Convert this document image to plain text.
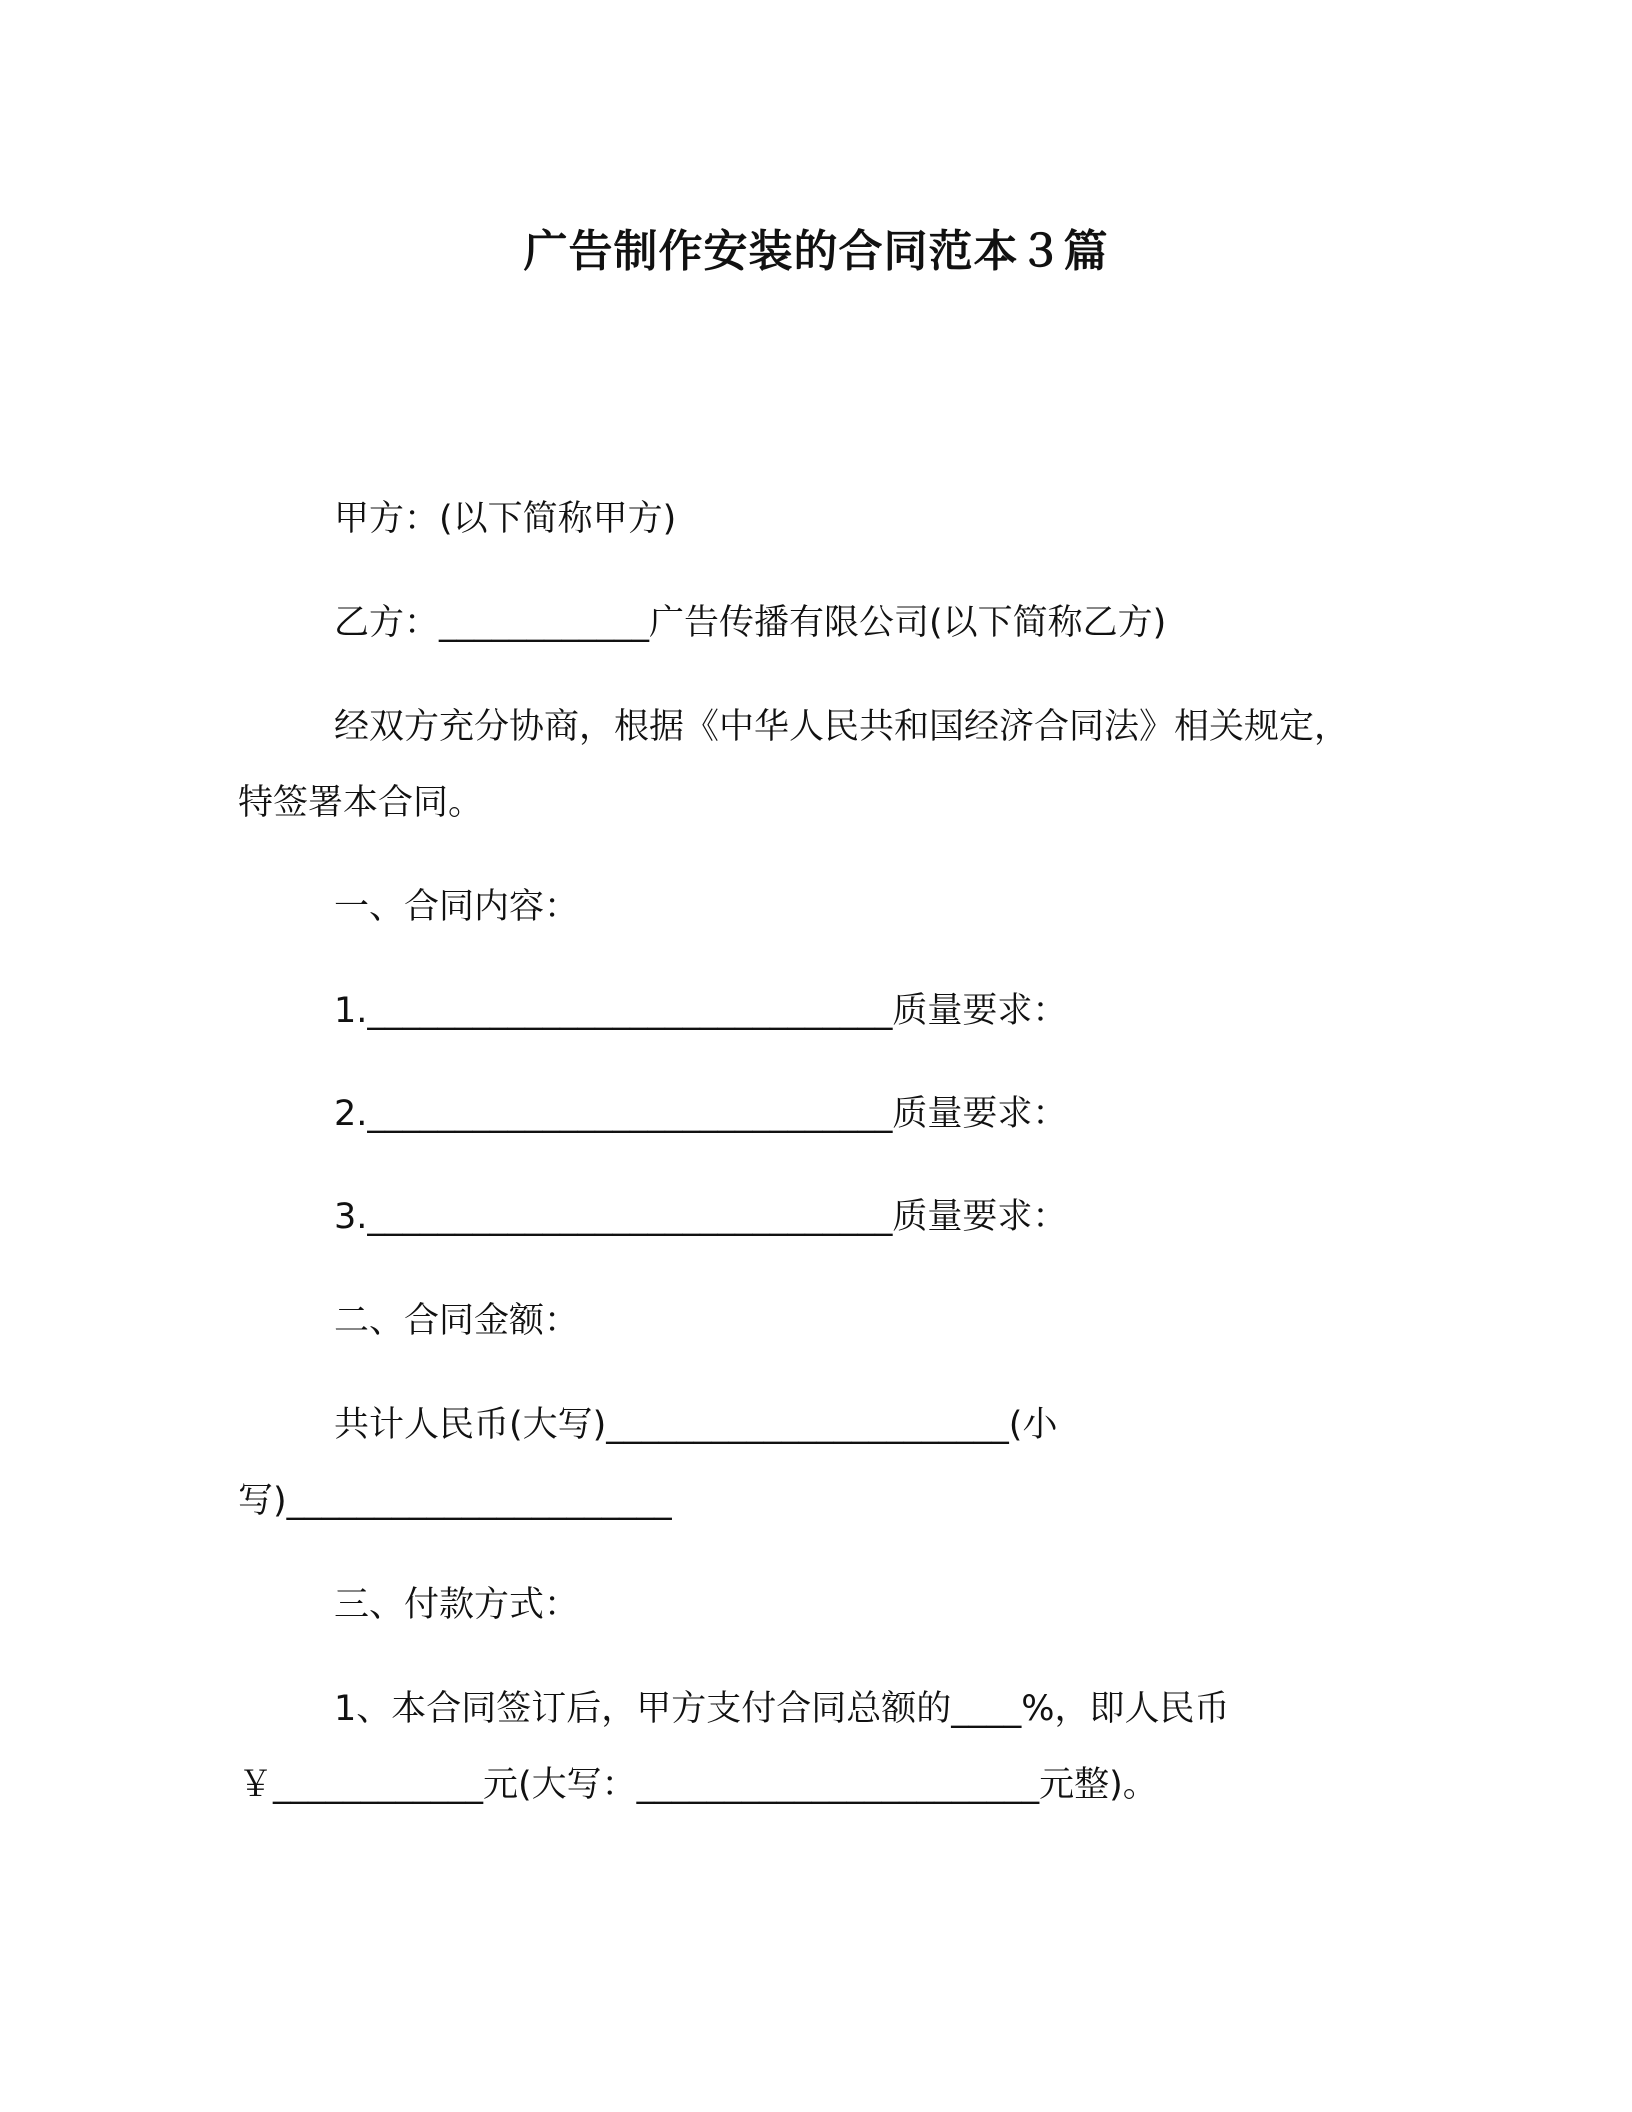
广告制作安装的合同范本３篇
甲方：(以下简称甲方)
乙方：____________广告传播有限公司(以下简称乙方)
经双方充分协商，根据《中华人民共和国经济合同法》相关规定，
特签署本合同。
一、合同内容：
1.______________________________质量要求：
2.______________________________质量要求：
3.______________________________质量要求：
二、合同金额：
共计人民币(大写)_______________________(小
写)______________________
三、付款方式：
1、本合同签订后，甲方支付合同总额的____%，即人民币
￥____________元(大写：_______________________元整)。
